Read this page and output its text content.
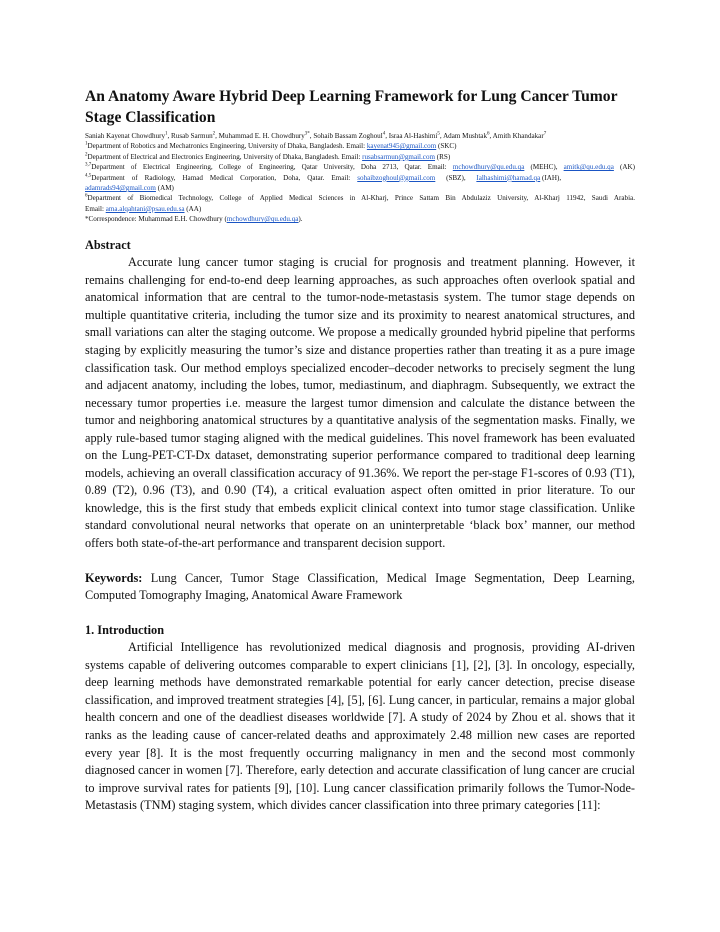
An Anatomy Aware Hybrid Deep Learning Framework for Lung Cancer Tumor Stage Classification
Saniah Kayenat Chowdhury$^1$, Rusab Sarmun$^2$, Muhammad E. H. Chowdhury$^{3*}$, Sohaib Bassam Zoghoul$^4$, Israa Al-Hashimi$^5$, Adam Mushtak$^6$, Amith Khandakar$^7$
$^1$Department of Robotics and Mechatronics Engineering, University of Dhaka, Bangladesh. Email: kayenat945@gmail.com (SKC)
$^2$Department of Electrical and Electronics Engineering, University of Dhaka, Bangladesh. Email: rusabsarmun@gmail.com (RS)
$^{3,7}$Department of Electrical Engineering, College of Engineering, Qatar University, Doha 2713, Qatar. Email: mchowdhury@qu.edu.qa (MEHC), amitk@qu.edu.qa (AK)
$^{4,5}$Department of Radiology, Hamad Medical Corporation, Doha, Qatar. Email: sohaibzoghoul@gmail.com (SBZ), Ialhashimi@hamad.qa (IAH),
adamrads94@gmail.com (AM)
$^6$Department of Biomedical Technology, College of Applied Medical Sciences in Al-Kharj, Prince Sattam Bin Abdulaziz University, Al-Kharj 11942, Saudi Arabia.
Email: ama.alqahtani@psau.edu.sa (AA)
*Correspondence: Muhammad E.H. Chowdhury (mchowdhury@qu.edu.qa).
Abstract

Accurate lung cancer tumor staging is crucial for prognosis and treatment planning. However, it remains challenging for end-to-end deep learning approaches, as such approaches often overlook spatial and anatomical information that are central to the tumor-node-metastasis system. The tumor stage depends on multiple quantitative criteria, including the tumor size and its proximity to nearest anatomical structures, and small variations can alter the staging outcome. We propose a medically grounded hybrid pipeline that performs staging by explicitly measuring the tumor’s size and distance properties rather than treating it as a pure image classification task. Our method employs specialized encoder–decoder networks to precisely segment the lung and adjacent anatomy, including the lobes, tumor, mediastinum, and diaphragm. Subsequently, we extract the necessary tumor properties i.e. measure the largest tumor dimension and calculate the distance between the tumor and neighboring anatomical structures by a quantitative analysis of the segmentation masks. Finally, we apply rule-based tumor staging aligned with the medical guidelines. This novel framework has been evaluated on the Lung-PET-CT-Dx dataset, demonstrating superior performance compared to traditional deep learning models, achieving an overall classification accuracy of 91.36%. We report the per-stage F1-scores of 0.93 (T1), 0.89 (T2), 0.96 (T3), and 0.90 (T4), a critical evaluation aspect often omitted in prior literature. To our knowledge, this is the first study that embeds explicit clinical context into tumor stage classification. Unlike standard convolutional neural networks that operate on an uninterpretable ‘black box’ manner, our method offers both state-of-the-art performance and transparent decision support.

Keywords: Lung Cancer, Tumor Stage Classification, Medical Image Segmentation, Deep Learning, Computed Tomography Imaging, Anatomical Aware Framework

1. Introduction

Artificial Intelligence has revolutionized medical diagnosis and prognosis, providing AI-driven systems capable of delivering outcomes comparable to expert clinicians [1], [2], [3]. In oncology, especially, deep learning methods have demonstrated remarkable potential for early cancer detection, precise disease classification, and improved treatment strategies [4], [5], [6]. Lung cancer, in particular, remains a major global health concern and one of the deadliest diseases worldwide [7]. A study of 2024 by Zhou et al. shows that it ranks as the leading cause of cancer-related deaths and approximately 2.48 million new cases are reported every year [8]. It is the most frequently occurring malignancy in men and the second most commonly diagnosed cancer in women [7]. Therefore, early detection and accurate classification of lung cancer are crucial to improve survival rates for patients [9], [10]. Lung cancer classification primarily follows the Tumor-Node-Metastasis (TNM) staging system, which divides cancer classification into three primary categories [11]:
